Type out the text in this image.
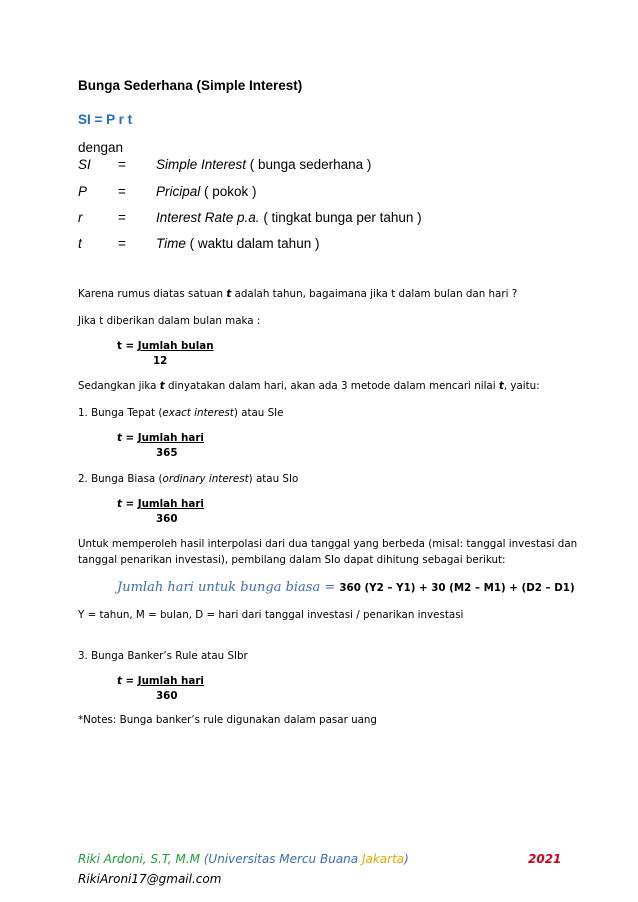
Bunga Sederhana (Simple Interest)
SI = P r t
dengan
SI = Simple Interest ( bunga sederhana )
P = Pricipal ( pokok )
r	= Interest Rate p.a. ( tingkat bunga per tahun )
t	= Time ( waktu dalam tahun )
Karena rumus diatas satuan t adalah tahun, bagaimana jika t dalam bulan dan hari ?
Jika t diberikan dalam bulan maka :
t = Jumlah bulan
12
Sedangkan jika t dinyatakan dalam hari, akan ada 3 metode dalam mencari nilai t, yaitu:
1. Bunga Tepat (exact interest) atau SIe
t = Jumlah hari
365
2. Bunga Biasa (ordinary interest) atau SIo
t = Jumlah hari
360
Untuk memperoleh hasil interpolasi dari dua tanggal yang berbeda (misal: tanggal investasi dan
tanggal penarikan investasi), pembilang dalam SIo dapat dihitung sebagai berikut:
Jumlah hari untuk bunga biasa = 360 (Y2 – Y1) + 30 (M2 – M1) + (D2 – D1)
Y = tahun, M = bulan, D = hari dari tanggal investasi / penarikan investasi
3. Bunga Banker’s Rule atau SIbr
t = Jumlah hari
360
*Notes: Bunga banker’s rule digunakan dalam pasar uang
Riki Ardoni, S.T, M.M (Universitas Mercu Buana Jakarta)	2021
RikiAroni17@gmail.com
